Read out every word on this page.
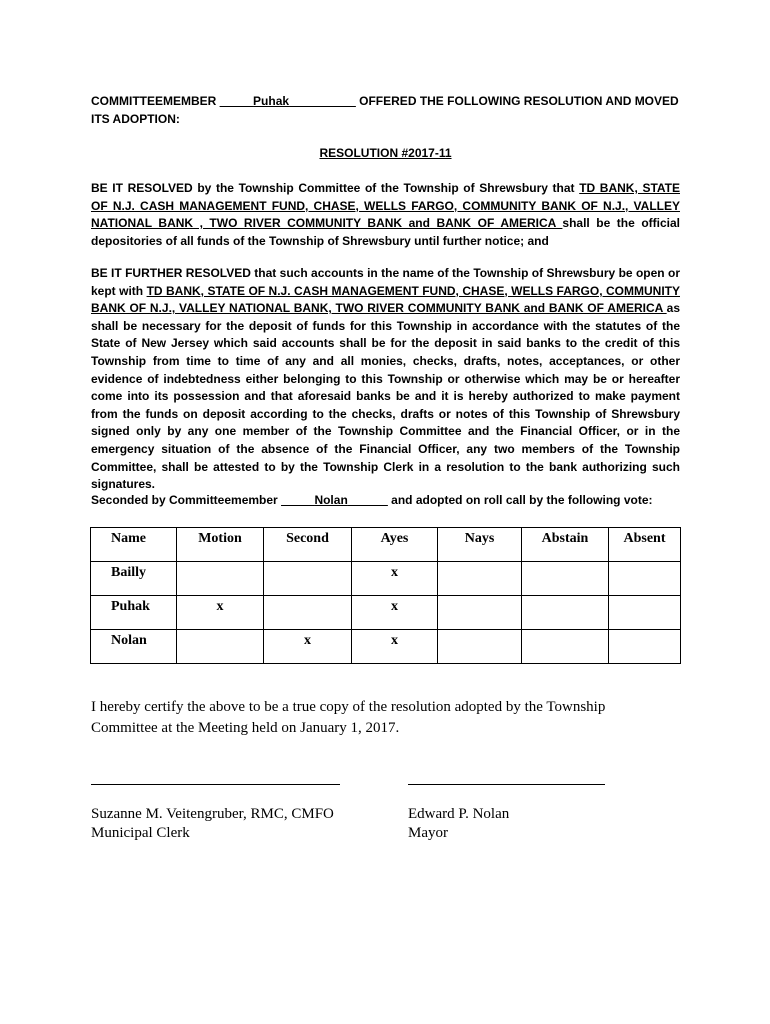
COMMITTEEMEMBER _____Puhak__________ OFFERED THE FOLLOWING RESOLUTION AND MOVED ITS ADOPTION:
RESOLUTION #2017-11
BE IT RESOLVED by the Township Committee of the Township of Shrewsbury that TD BANK, STATE OF N.J. CASH MANAGEMENT FUND, CHASE, WELLS FARGO, COMMUNITY BANK OF N.J., VALLEY NATIONAL BANK , TWO RIVER COMMUNITY BANK and BANK OF AMERICA shall be the official depositories of all funds of the Township of Shrewsbury until further notice; and
BE IT FURTHER RESOLVED that such accounts in the name of the Township of Shrewsbury be open or kept with TD BANK, STATE OF N.J. CASH MANAGEMENT FUND, CHASE, WELLS FARGO, COMMUNITY BANK OF N.J., VALLEY NATIONAL BANK, TWO RIVER COMMUNITY BANK and BANK OF AMERICA as shall be necessary for the deposit of funds for this Township in accordance with the statutes of the State of New Jersey which said accounts shall be for the deposit in said banks to the credit of this Township from time to time of any and all monies, checks, drafts, notes, acceptances, or other evidence of indebtedness either belonging to this Township or otherwise which may be or hereafter come into its possession and that aforesaid banks be and it is hereby authorized to make payment from the funds on deposit according to the checks, drafts or notes of this Township of Shrewsbury signed only by any one member of the Township Committee and the Financial Officer, or in the emergency situation of the absence of the Financial Officer, any two members of the Township Committee, shall be attested to by the Township Clerk in a resolution to the bank authorizing such signatures.
Seconded by Committeemember _____Nolan______ and adopted on roll call by the following vote:
Name	Motion	Second	Ayes	Nays	Abstain	Absent

Bailly			x			

Puhak	x		x			

Nolan		x	x			

I hereby certify the above to be a true copy of the resolution adopted by the Township Committee at the Meeting held on January 1, 2017.
Suzanne M. Veitengruber, RMC, CMFO
Municipal Clerk
Edward P. Nolan
Mayor
